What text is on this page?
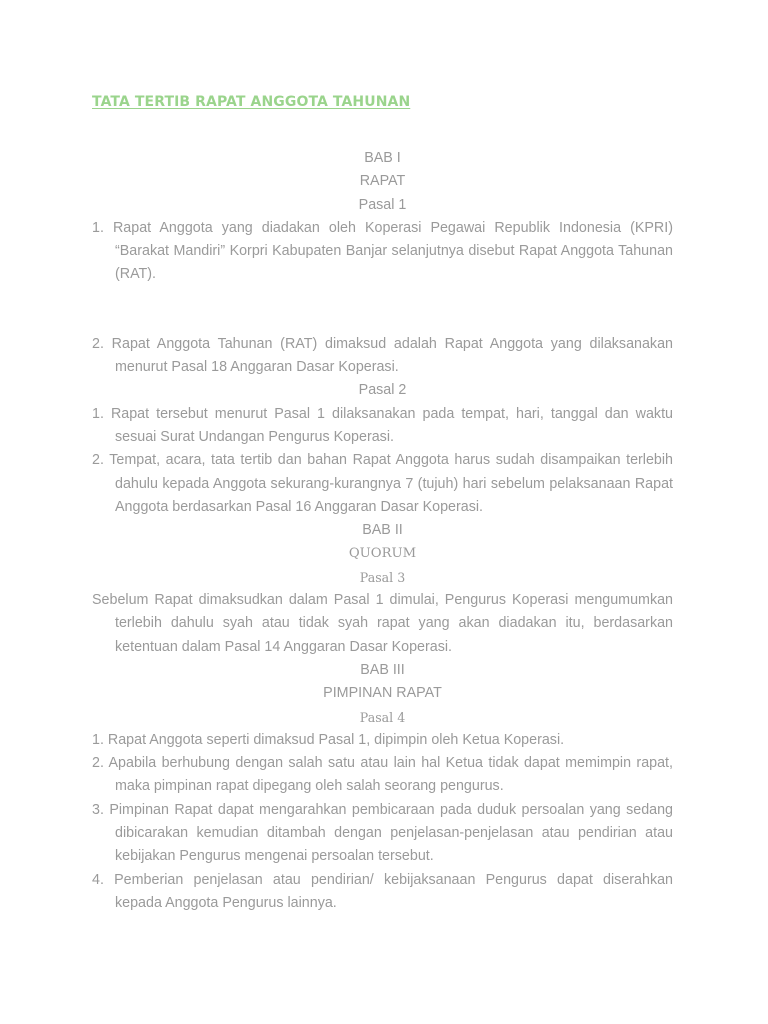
TATA TERTIB RAPAT ANGGOTA TAHUNAN

BAB I

RAPAT

Pasal 1

1. Rapat Anggota yang diadakan oleh Koperasi Pegawai Republik Indonesia (KPRI) “Barakat Mandiri” Korpri Kabupaten Banjar selanjutnya disebut Rapat Anggota Tahunan (RAT).

2. Rapat Anggota Tahunan (RAT) dimaksud adalah Rapat Anggota yang dilaksanakan menurut Pasal 18 Anggaran Dasar Koperasi.

Pasal 2

1. Rapat tersebut menurut Pasal 1 dilaksanakan pada tempat, hari, tanggal dan waktu sesuai Surat Undangan Pengurus Koperasi.

2. Tempat, acara, tata tertib dan bahan Rapat Anggota harus sudah disampaikan terlebih dahulu kepada Anggota sekurang-kurangnya 7 (tujuh) hari sebelum pelaksanaan Rapat Anggota berdasarkan Pasal 16 Anggaran Dasar Koperasi.

BAB II

QUORUM

Pasal 3

Sebelum Rapat dimaksudkan dalam Pasal 1 dimulai, Pengurus Koperasi mengumumkan terlebih dahulu syah atau tidak syah rapat yang akan diadakan itu, berdasarkan ketentuan dalam Pasal 14 Anggaran Dasar Koperasi.

BAB III

PIMPINAN RAPAT

Pasal 4

1. Rapat Anggota seperti dimaksud Pasal 1, dipimpin oleh Ketua Koperasi.

2. Apabila berhubung dengan salah satu atau lain hal Ketua tidak dapat memimpin rapat, maka pimpinan rapat dipegang oleh salah seorang pengurus.

3. Pimpinan Rapat dapat mengarahkan pembicaraan pada duduk persoalan yang sedang dibicarakan kemudian ditambah dengan penjelasan-penjelasan atau pendirian atau kebijakan Pengurus mengenai persoalan tersebut.

4. Pemberian penjelasan atau pendirian/ kebijaksanaan Pengurus dapat diserahkan kepada Anggota Pengurus lainnya.
